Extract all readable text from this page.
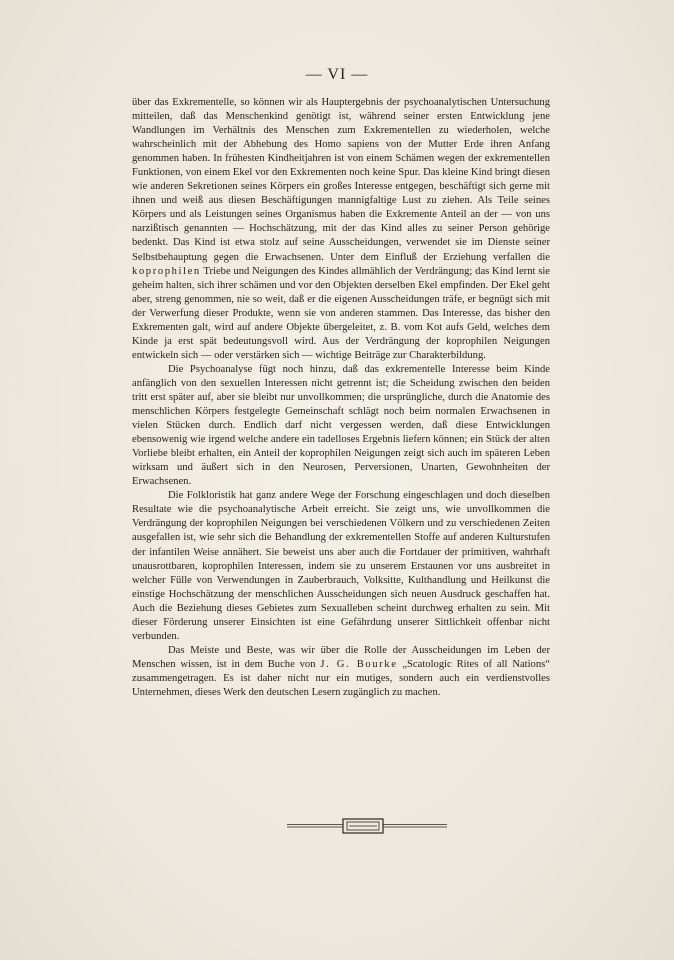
— VI —

über das Exkrementelle, so können wir als Hauptergebnis der psychoanalytischen Untersuchung mitteilen, daß das Menschenkind genötigt ist, während seiner ersten Entwicklung jene Wandlungen im Verhältnis des Menschen zum Exkrementellen zu wiederholen, welche wahrscheinlich mit der Abhebung des Homo sapiens von der Mutter Erde ihren Anfang genommen haben. In frühesten Kindheitjahren ist von einem Schämen wegen der exkrementellen Funktionen, von einem Ekel vor den Exkrementen noch keine Spur. Das kleine Kind bringt diesen wie anderen Sekretionen seines Körpers ein großes Interesse entgegen, beschäftigt sich gerne mit ihnen und weiß aus diesen Beschäftigungen mannigfaltige Lust zu ziehen. Als Teile seines Körpers und als Leistungen seines Organismus haben die Exkremente Anteil an der — von uns narzißtisch genannten — Hochschätzung, mit der das Kind alles zu seiner Person gehörige bedenkt. Das Kind ist etwa stolz auf seine Ausscheidungen, verwendet sie im Dienste seiner Selbstbehauptung gegen die Erwachsenen. Unter dem Einfluß der Erziehung verfallen die koprophilen Triebe und Neigungen des Kindes allmählich der Verdrängung; das Kind lernt sie geheim halten, sich ihrer schämen und vor den Objekten derselben Ekel empfinden. Der Ekel geht aber, streng genommen, nie so weit, daß er die eigenen Ausscheidungen träfe, er begnügt sich mit der Verwerfung dieser Produkte, wenn sie von anderen stammen. Das Interesse, das bisher den Exkrementen galt, wird auf andere Objekte übergeleitet, z. B. vom Kot aufs Geld, welches dem Kinde ja erst spät bedeutungsvoll wird. Aus der Verdrängung der koprophilen Neigungen entwickeln sich — oder verstärken sich — wichtige Beiträge zur Charakterbildung.

Die Psychoanalyse fügt noch hinzu, daß das exkrementelle Interesse beim Kinde anfänglich von den sexuellen Interessen nicht getrennt ist; die Scheidung zwischen den beiden tritt erst später auf, aber sie bleibt nur unvollkommen; die ursprüngliche, durch die Anatomie des menschlichen Körpers festgelegte Gemeinschaft schlägt noch beim normalen Erwachsenen in vielen Stücken durch. Endlich darf nicht vergessen werden, daß diese Entwicklungen ebensowenig wie irgend welche andere ein tadelloses Ergebnis liefern können; ein Stück der alten Vorliebe bleibt erhalten, ein Anteil der koprophilen Neigungen zeigt sich auch im späteren Leben wirksam und äußert sich in den Neurosen, Perversionen, Unarten, Gewohnheiten der Erwachsenen.

Die Folkloristik hat ganz andere Wege der Forschung eingeschlagen und doch dieselben Resultate wie die psychoanalytische Arbeit erreicht. Sie zeigt uns, wie unvollkommen die Verdrängung der koprophilen Neigungen bei verschiedenen Völkern und zu verschiedenen Zeiten ausgefallen ist, wie sehr sich die Behandlung der exkrementellen Stoffe auf anderen Kulturstufen der infantilen Weise annähert. Sie beweist uns aber auch die Fortdauer der primitiven, wahrhaft unausrottbaren, koprophilen Interessen, indem sie zu unserem Erstaunen vor uns ausbreitet in welcher Fülle von Verwendungen in Zauberbrauch, Volksitte, Kulthandlung und Heilkunst die einstige Hochschätzung der menschlichen Ausscheidungen sich neuen Ausdruck geschaffen hat. Auch die Beziehung dieses Gebietes zum Sexualleben scheint durchweg erhalten zu sein. Mit dieser Förderung unserer Einsichten ist eine Gefährdung unserer Sittlichkeit offenbar nicht verbunden.

Das Meiste und Beste, was wir über die Rolle der Ausscheidungen im Leben der Menschen wissen, ist in dem Buche von J. G. Bourke „Scatologic Rites of all Nations“ zusammengetragen. Es ist daher nicht nur ein mutiges, sondern auch ein verdienstvolles Unternehmen, dieses Werk den deutschen Lesern zugänglich zu machen.
